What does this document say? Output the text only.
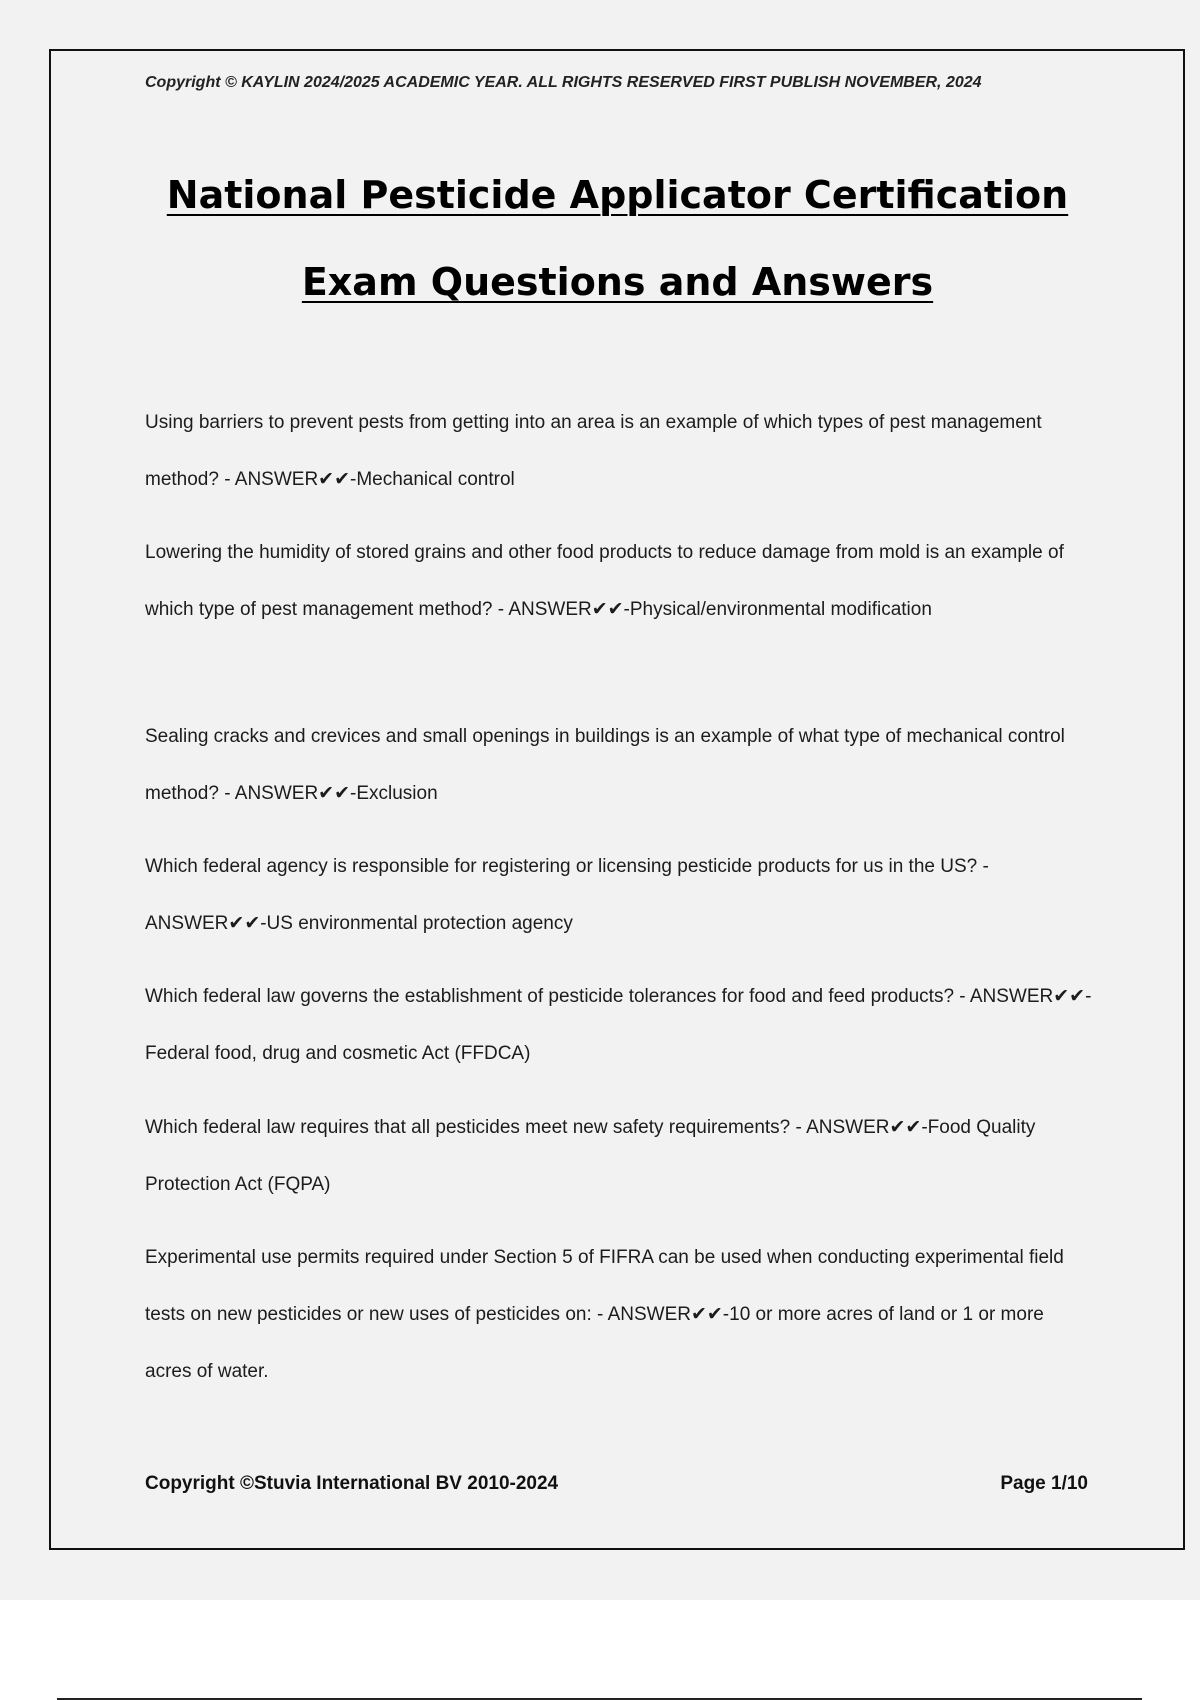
Copyright © KAYLIN 2024/2025 ACADEMIC YEAR. ALL RIGHTS RESERVED FIRST PUBLISH NOVEMBER, 2024
National Pesticide Applicator Certification
Exam Questions and Answers
Using barriers to prevent pests from getting into an area is an example of which types of pest management method? - ANSWER✔✔-Mechanical control
Lowering the humidity of stored grains and other food products to reduce damage from mold is an example of which type of pest management method? - ANSWER✔✔-Physical/environmental modification
Sealing cracks and crevices and small openings in buildings is an example of what type of mechanical control method? - ANSWER✔✔-Exclusion
Which federal agency is responsible for registering or licensing pesticide products for us in the US? - ANSWER✔✔-US environmental protection agency
Which federal law governs the establishment of pesticide tolerances for food and feed products? - ANSWER✔✔-Federal food, drug and cosmetic Act (FFDCA)
Which federal law requires that all pesticides meet new safety requirements? - ANSWER✔✔-Food Quality Protection Act (FQPA)
Experimental use permits required under Section 5 of FIFRA can be used when conducting experimental field tests on new pesticides or new uses of pesticides on: - ANSWER✔✔-10 or more acres of land or 1 or more acres of water.
Copyright ©Stuvia International BV 2010-2024	Page 1/10
